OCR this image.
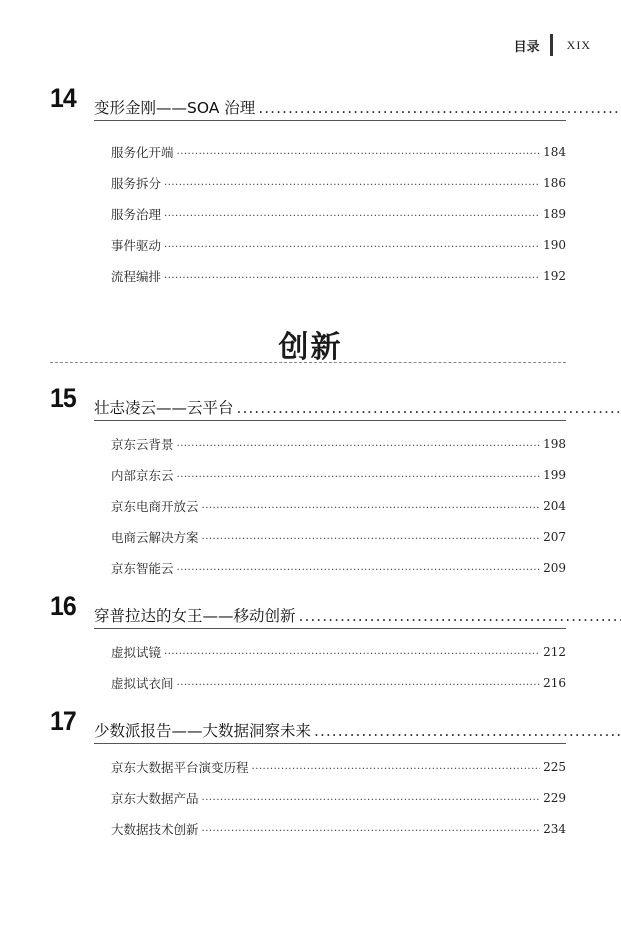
目录 XIX
14 变形金刚——SOA 治理
.....
服务化开端 .....	184
服务拆分 .....	186
服务治理 .....	189
事件驱动 .....	190
流程编排 .....	192
创新
15 壮志凌云——云平台
.....
京东云背景 .....	198
内部京东云 .....	199
京东电商开放云 .....	204
电商云解决方案 .....	207
京东智能云 .....	209
16 穿普拉达的女王——移动创新
.....
虚拟试镜 .....	212
虚拟试衣间 .....	216
17 少数派报告——大数据洞察未来
.....
京东大数据平台演变历程 .....	225
京东大数据产品 .....	229
大数据技术创新 .....	234
